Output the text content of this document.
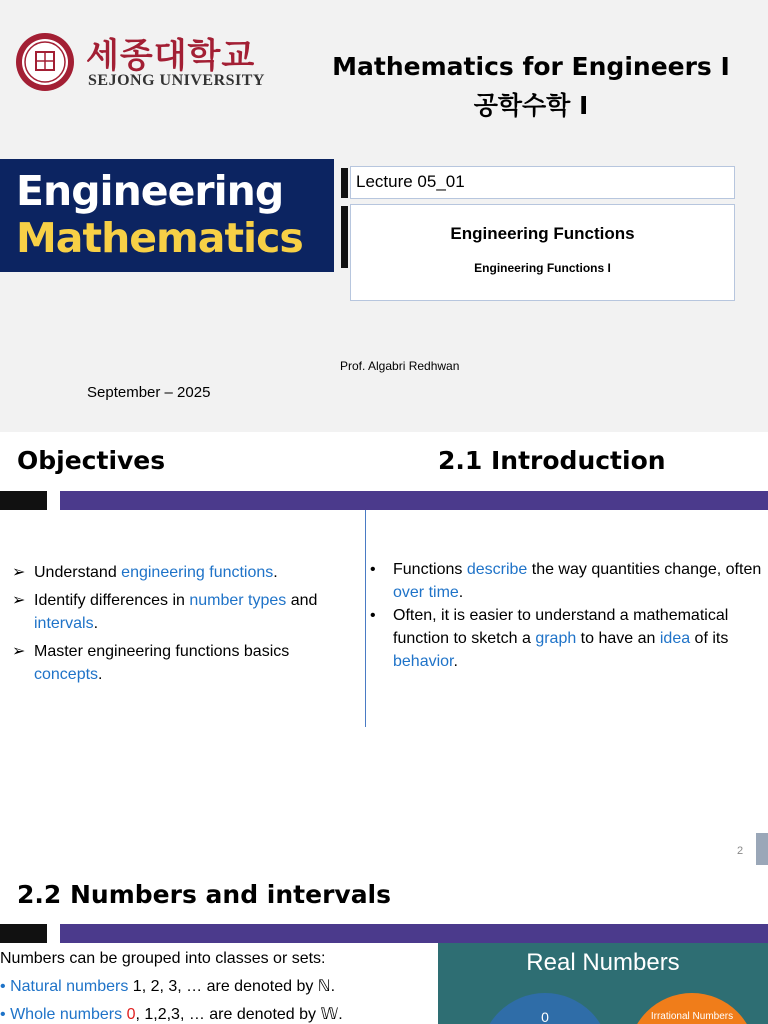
세종대학교
SEJONG UNIVERSITY	Mathematics for Engineers I
공학수학 I
Engineering
Mathematics
Lecture 05_01
Engineering Functions
Engineering Functions I
Prof. Algabri Redhwan
September – 2025
Objectives	2.1 Introduction
➢ Understand engineering functions.
➢ Identify differences in number types and intervals.
➢ Master engineering functions basics concepts.
• Functions describe the way quantities change, often over time.
• Often, it is easier to understand a mathematical function to sketch a graph to have an idea of its behavior.
2
2.2 Numbers and intervals
Numbers can be grouped into classes or sets:
• Natural numbers 1, 2, 3, … are denoted by ℕ.
• Whole numbers 0, 1,2,3, … are denoted by 𝕎.
Real Numbers
0	Irrational Numbers
